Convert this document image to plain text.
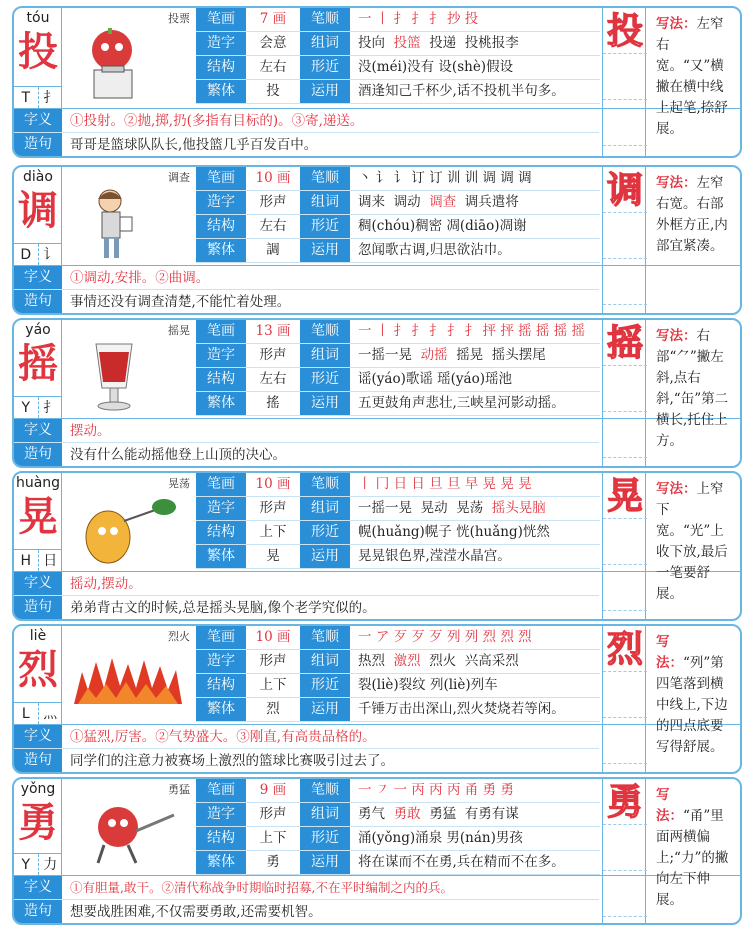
tóu
投
T 扌
投票	笔画	7 画	笔顺	一 丨 扌 扌 扌 抄 投
造字	会意	组词	投向 投篮 投递 投桃报李
结构	左右	形近	没(méi)没有 设(shè)假设
繁体	投	运用	酒逢知己千杯少,话不投机半句多。
字义	①投射。②抛,掷,扔(多指有目标的)。③寄,递送。
造句	哥哥是篮球队队长,他投篮几乎百发百中。
投 写法：左窄右宽。“又”横撇在横中线上起笔,捺舒展。
diào
调
D 讠
调查	笔画	10 画	笔顺	丶 讠 讠 订 订 训 训 调 调 调
造字	形声	组词	调来 调动 调查 调兵遣将
结构	左右	形近	稠(chóu)稠密 凋(diāo)凋谢
繁体	調	运用	忽闻歌古调,归思欲沾巾。
字义	①调动,安排。②曲调。
造句	事情还没有调查清楚,不能忙着处理。
调 写法：左窄右宽。右部外框方正,内部宜紧凑。
yáo
摇
Y 扌
摇晃	笔画	13 画	笔顺	一 丨 扌 扌 扌 扌 扌 抨 抨 摇 摇 摇 摇
造字	形声	组词	一摇一晃 动摇 摇晃 摇头摆尾
结构	左右	形近	谣(yáo)歌谣 瑶(yáo)瑶池
繁体	搖	运用	五更鼓角声悲壮,三峡星河影动摇。
字义	摆动。
造句	没有什么能动摇他登上山顶的决心。
摇 写法：右部“⺈”撇左斜,点右斜,“缶”第二横长,托住上方。
huàng
晃
H 日
晃荡	笔画	10 画	笔顺	丨 冂 日 日 旦 旦 早 晃 晃 晃
造字	形声	组词	一摇一晃 晃动 晃荡 摇头晃脑
结构	上下	形近	幌(huǎng)幌子 恍(huǎng)恍然
繁体	晃	运用	晃晃银色界,滢滢水晶宫。
字义	摇动,摆动。
造句	弟弟背古文的时候,总是摇头晃脑,像个老学究似的。
晃 写法：上窄下宽。“光”上收下放,最后一笔要舒展。
liè
烈
L 灬
烈火	笔画	10 画	笔顺	一 ア 歹 歹 歹 列 列 烈 烈 烈
造字	形声	组词	热烈 激烈 烈火 兴高采烈
结构	上下	形近	裂(liè)裂纹 列(liè)列车
繁体	烈	运用	千锤万击出深山,烈火焚烧若等闲。
字义	①猛烈,厉害。②气势盛大。③刚直,有高贵品格的。
造句	同学们的注意力被赛场上激烈的篮球比赛吸引过去了。
烈 写法：“列”第四笔落到横中线上,下边的四点底要写得舒展。
yǒng
勇
Y 力
勇猛	笔画	9 画	笔顺	一 ㇇ 一 丙 丙 丙 甬 勇 勇
造字	形声	组词	勇气 勇敢 勇猛 有勇有谋
结构	上下	形近	涌(yǒng)涌泉 男(nán)男孩
繁体	勇	运用	将在谋而不在勇,兵在精而不在多。
字义	①有胆量,敢干。②清代称战争时期临时招募,不在平时编制之内的兵。
造句	想要战胜困难,不仅需要勇敢,还需要机智。
勇 写法：“甬”里面两横偏上;“力”的撇向左下伸展。
